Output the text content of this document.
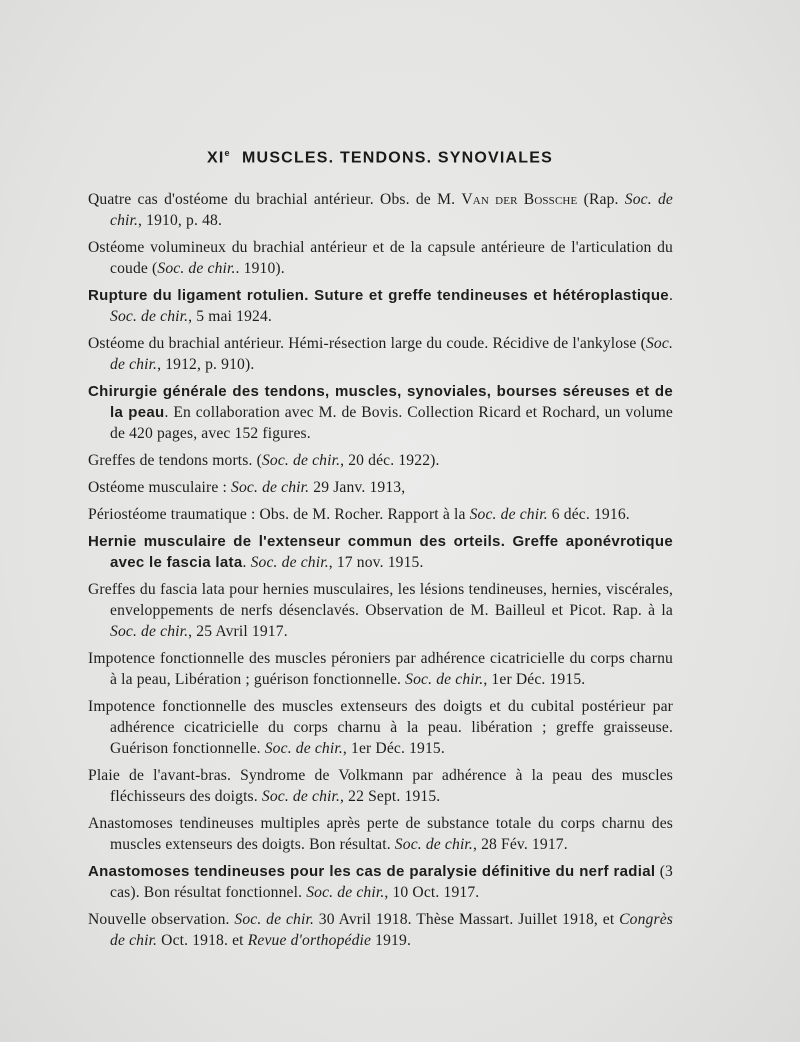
XIe MUSCLES. TENDONS. SYNOVIALES
Quatre cas d'ostéome du brachial antérieur. Obs. de M. Van der Bossche (Rap. Soc. de chir., 1910, p. 48.
Ostéome volumineux du brachial antérieur et de la capsule antérieure de l'articulation du coude (Soc. de chir.. 1910).
Rupture du ligament rotulien. Suture et greffe tendineuses et hétéroplastique. Soc. de chir., 5 mai 1924.
Ostéome du brachial antérieur. Hémi-résection large du coude. Récidive de l'ankylose (Soc. de chir., 1912, p. 910).
Chirurgie générale des tendons, muscles, synoviales, bourses séreuses et de la peau. En collaboration avec M. de Bovis. Collection Ricard et Rochard, un volume de 420 pages, avec 152 figures.
Greffes de tendons morts. (Soc. de chir., 20 déc. 1922).
Ostéome musculaire : Soc. de chir. 29 Janv. 1913,
Périostéome traumatique : Obs. de M. Rocher. Rapport à la Soc. de chir. 6 déc. 1916.
Hernie musculaire de l'extenseur commun des orteils. Greffe aponévrotique avec le fascia lata. Soc. de chir., 17 nov. 1915.
Greffes du fascia lata pour hernies musculaires, les lésions tendineuses, hernies, viscérales, enveloppements de nerfs désenclavés. Observation de M. Bailleul et Picot. Rap. à la Soc. de chir., 25 Avril 1917.
Impotence fonctionnelle des muscles péroniers par adhérence cicatricielle du corps charnu à la peau, Libération ; guérison fonctionnelle. Soc. de chir., 1er Déc. 1915.
Impotence fonctionnelle des muscles extenseurs des doigts et du cubital postérieur par adhérence cicatricielle du corps charnu à la peau. libération ; greffe graisseuse. Guérison fonctionnelle. Soc. de chir., 1er Déc. 1915.
Plaie de l'avant-bras. Syndrome de Volkmann par adhérence à la peau des muscles fléchisseurs des doigts. Soc. de chir., 22 Sept. 1915.
Anastomoses tendineuses multiples après perte de substance totale du corps charnu des muscles extenseurs des doigts. Bon résultat. Soc. de chir., 28 Fév. 1917.
Anastomoses tendineuses pour les cas de paralysie définitive du nerf radial (3 cas). Bon résultat fonctionnel. Soc. de chir., 10 Oct. 1917.
Nouvelle observation. Soc. de chir. 30 Avril 1918. Thèse Massart. Juillet 1918, et Congrès de chir. Oct. 1918. et Revue d'orthopédie 1919.
